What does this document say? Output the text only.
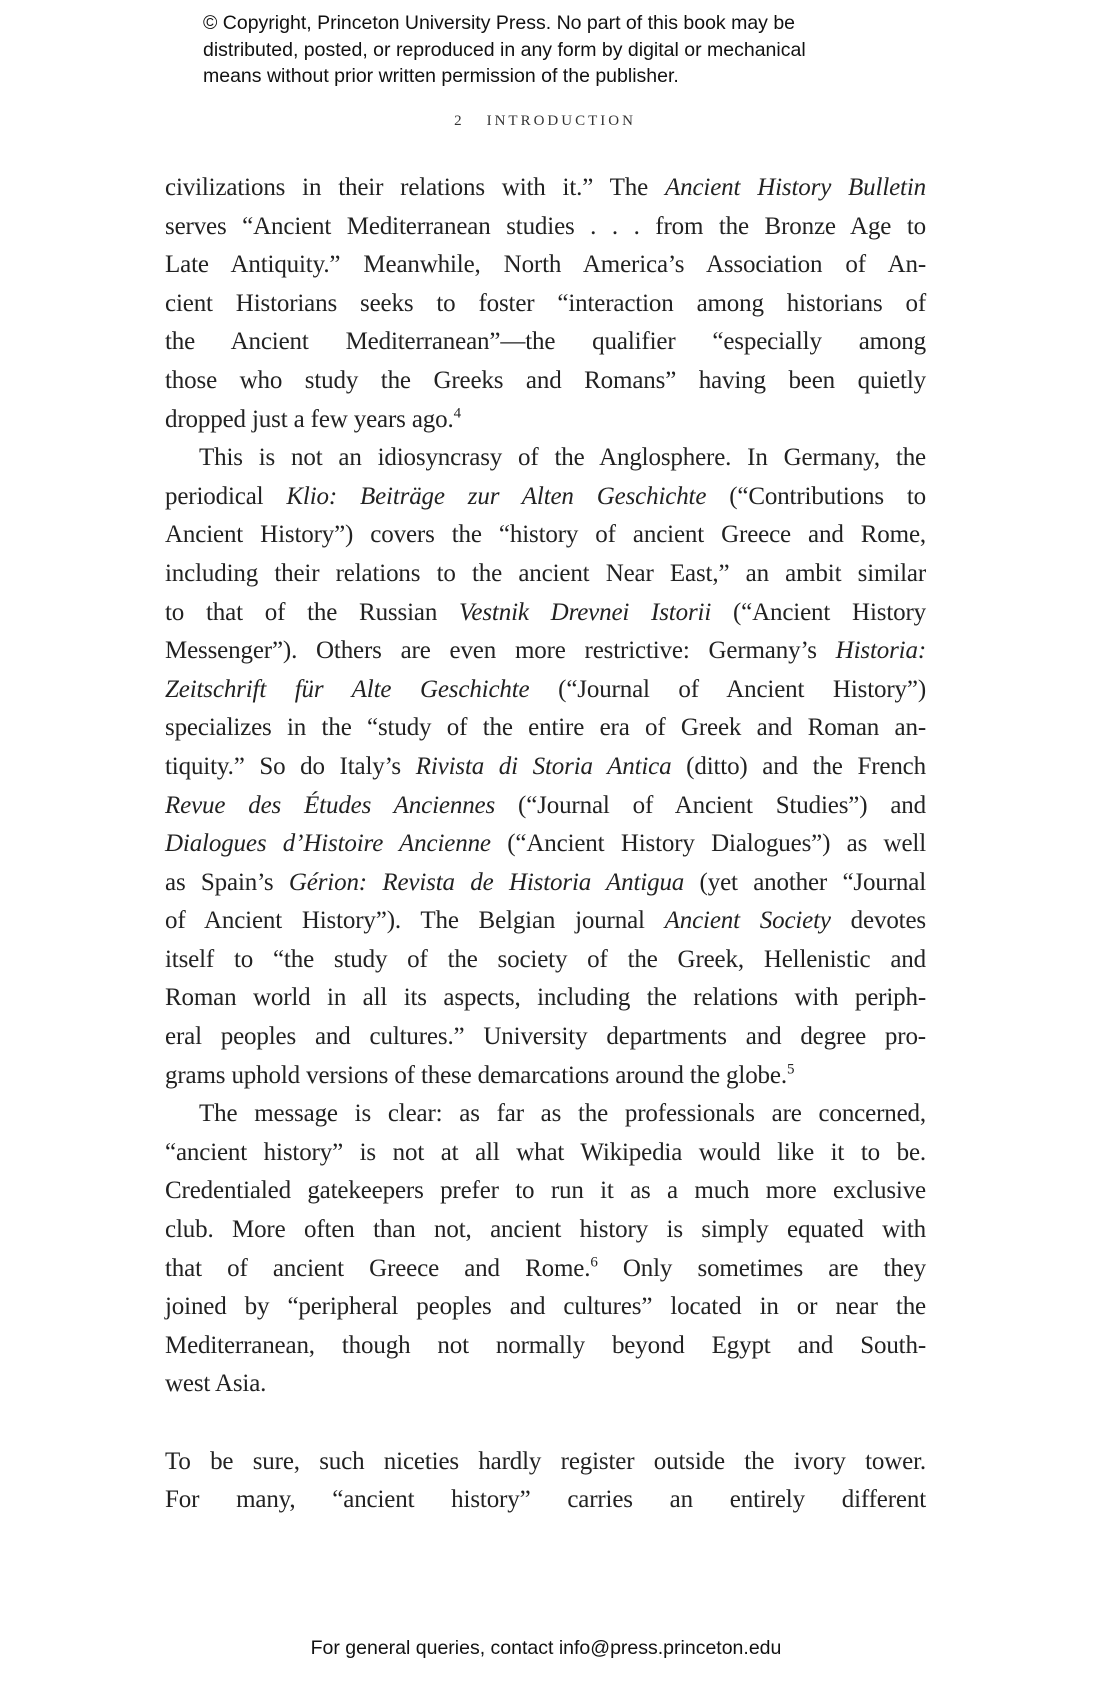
© Copyright, Princeton University Press. No part of this book may be
distributed, posted, or reproduced in any form by digital or mechanical
means without prior written permission of the publisher.
2 INTRODUCTION
civilizations in their relations with it.” The Ancient History Bulletin
serves “Ancient Mediterranean studies . . . from the Bronze Age to
Late Antiquity.” Meanwhile, North America’s Association of An-
cient Historians seeks to foster “interaction among historians of
the Ancient Mediterranean”—the qualifier “especially among
those who study the Greeks and Romans” having been quietly
dropped just a few years ago.$^4$
This is not an idiosyncrasy of the Anglosphere. In Germany, the
periodical Klio: Beiträge zur Alten Geschichte (“Contributions to
Ancient History”) covers the “history of ancient Greece and Rome,
including their relations to the ancient Near East,” an ambit similar
to that of the Russian Vestnik Drevnei Istorii (“Ancient History
Messenger”). Others are even more restrictive: Germany’s Historia:
Zeitschrift für Alte Geschichte (“Journal of Ancient History”)
specializes in the “study of the entire era of Greek and Roman an-
tiquity.” So do Italy’s Rivista di Storia Antica (ditto) and the French
Revue des Études Anciennes (“Journal of Ancient Studies”) and
Dialogues d’Histoire Ancienne (“Ancient History Dialogues”) as well
as Spain’s Gérion: Revista de Historia Antigua (yet another “Journal
of Ancient History”). The Belgian journal Ancient Society devotes
itself to “the study of the society of the Greek, Hellenistic and
Roman world in all its aspects, including the relations with periph-
eral peoples and cultures.” University departments and degree pro-
grams uphold versions of these demarcations around the globe.$^5$
The message is clear: as far as the professionals are concerned,
“ancient history” is not at all what Wikipedia would like it to be.
Credentialed gatekeepers prefer to run it as a much more exclusive
club. More often than not, ancient history is simply equated with
that of ancient Greece and Rome.$^6$ Only sometimes are they
joined by “peripheral peoples and cultures” located in or near the
Mediterranean, though not normally beyond Egypt and South-
west Asia.
To be sure, such niceties hardly register outside the ivory tower.
For many, “ancient history” carries an entirely different
For general queries, contact info@press.princeton.edu
